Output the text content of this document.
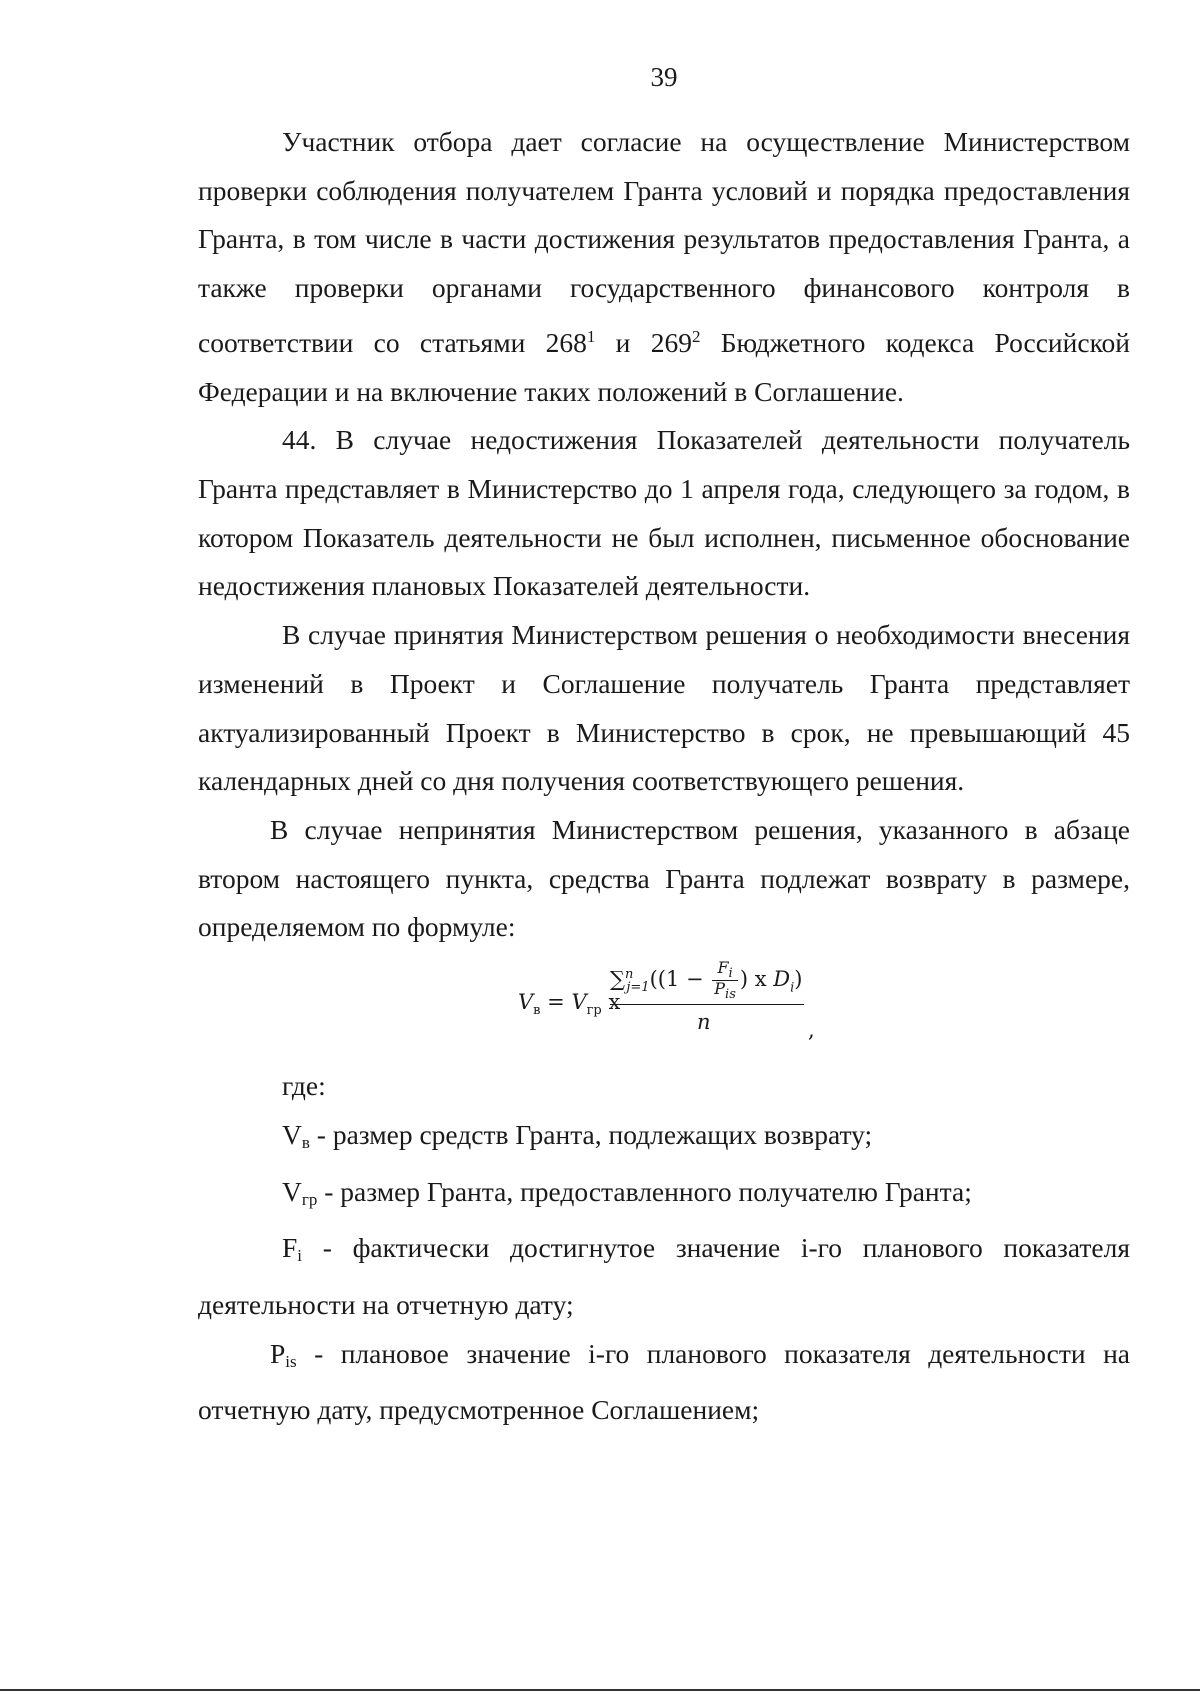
39

Участник отбора дает согласие на осуществление Министерством проверки соблюдения получателем Гранта условий и порядка предоставления Гранта, в том числе в части достижения результатов предоставления Гранта, а также проверки органами государственного финансового контроля в соответствии со статьями $268^1$ и $269^2$ Бюджетного кодекса Российской Федерации и на включение таких положений в Соглашение.

44. В случае недостижения Показателей деятельности получатель Гранта представляет в Министерство до 1 апреля года, следующего за годом, в котором Показатель деятельности не был исполнен, письменное обоснование недостижения плановых Показателей деятельности.

В случае принятия Министерством решения о необходимости внесения изменений в Проект и Соглашение получатель Гранта представляет актуализированный Проект в Министерство в срок, не превышающий 45 календарных дней со дня получения соответствующего решения.

В случае непринятия Министерством решения, указанного в абзаце втором настоящего пункта, средства Гранта подлежат возврату в размере, определяемом по формуле:

$V_в = V_{гр}$ x
$\sum^n_{j=1}((1 - \frac{F_i}{P_{is}}$ ) x $D_i$)
n	,

где:

$V_в$ - размер средств Гранта, подлежащих возврату;

$V_{гр}$ - размер Гранта, предоставленного получателю Гранта;

$F_i$ - фактически достигнутое значение i-го планового показателя деятельности на отчетную дату;

$P_{is}$ - плановое значение i-го планового показателя деятельности на отчетную дату, предусмотренное Соглашением;
